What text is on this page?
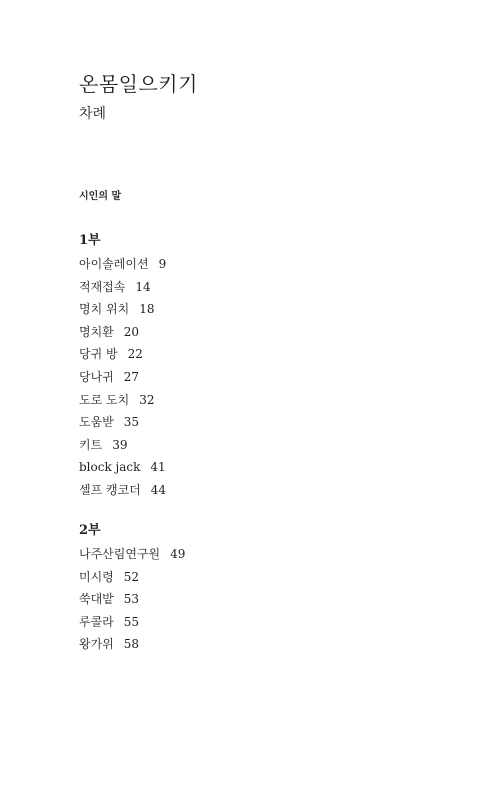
온몸일으키기
차례
시인의 말
1부
아이솔레이션 9
적재접속 14
명치 위치 18
명치환 20
당귀 방 22
당나귀 27
도로 도치 32
도움받 35
키트 39
block jack 41
셀프 캥코더 44
2부
나주산림연구원 49
미시령 52
쑥대밭 53
루콜라 55
왕가위 58
